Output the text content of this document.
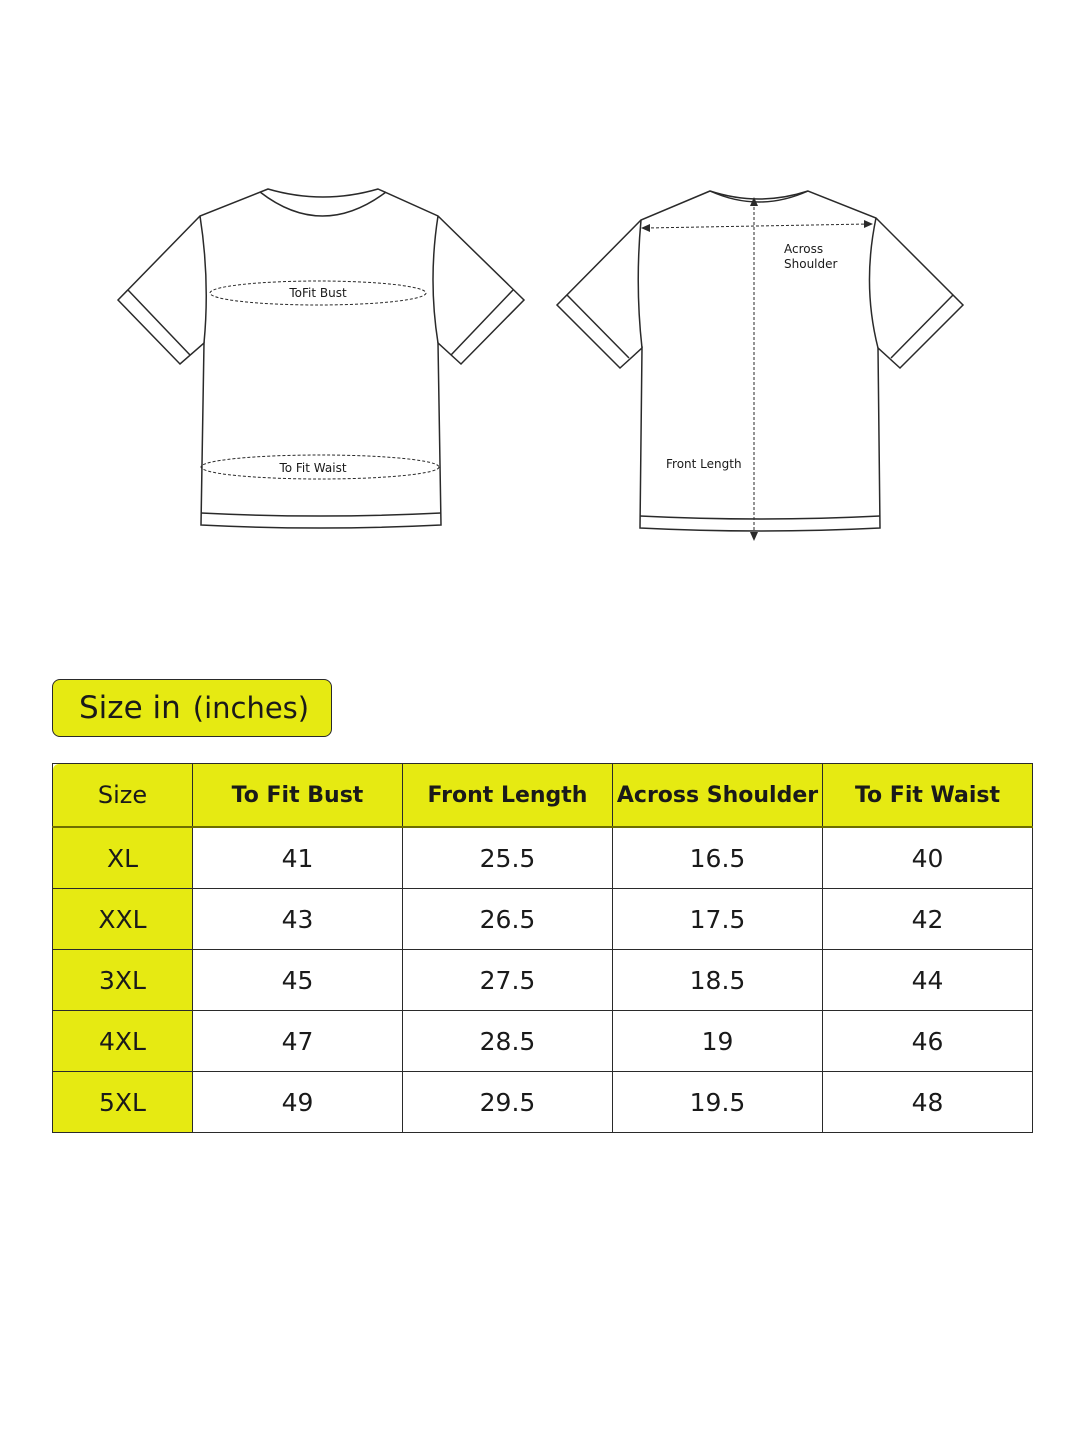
ToFit Bust
To Fit Waist
Across
Shoulder
Front Length
Size in (inches)
Size	To Fit Bust	Front Length	Across Shoulder	To Fit Waist
XL	41	25.5	16.5	40
XXL	43	26.5	17.5	42
3XL	45	27.5	18.5	44
4XL	47	28.5	19	46
5XL	49	29.5	19.5	48
